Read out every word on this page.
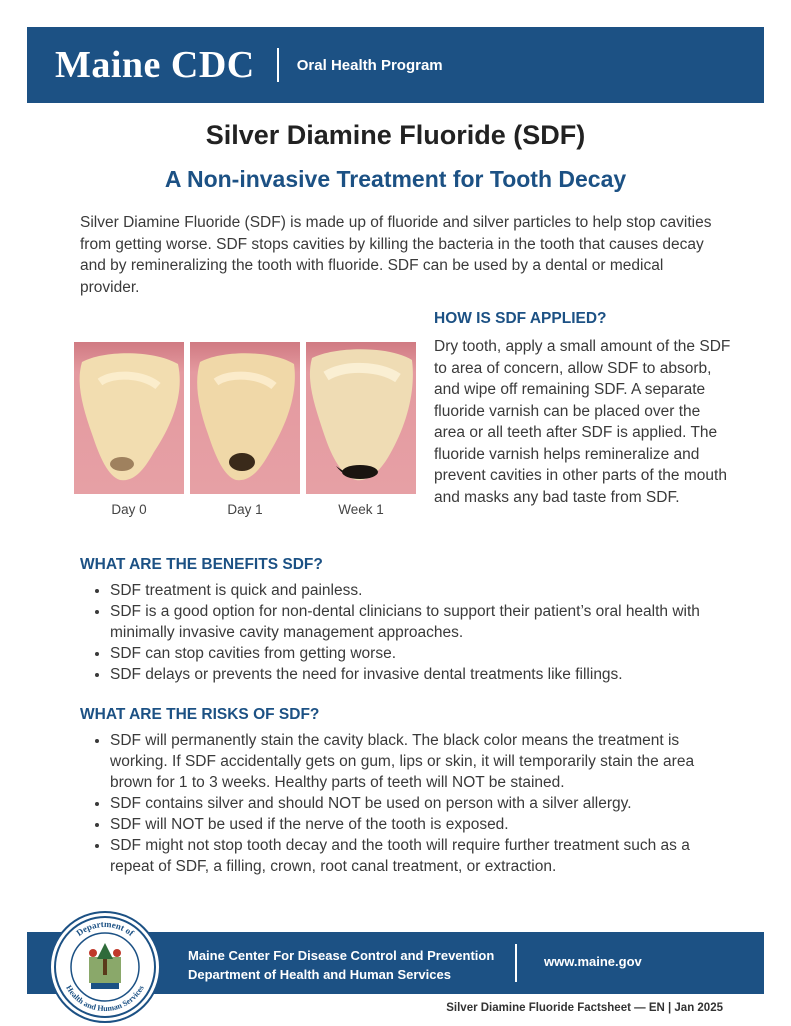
Maine CDC	Oral Health Program
Silver Diamine Fluoride (SDF)
A Non-invasive Treatment for Tooth Decay

Silver Diamine Fluoride (SDF) is made up of fluoride and silver particles to help stop cavities from getting worse. SDF stops cavities by killing the bacteria in the tooth that causes decay and by remineralizing the tooth with fluoride. SDF can be used by a dental or medical provider.

Day 0	Day 1	Week 1
HOW IS SDF APPLIED?

Dry tooth, apply a small amount of the SDF to area of concern, allow SDF to absorb, and wipe off remaining SDF. A separate fluoride varnish can be placed over the area or all teeth after SDF is applied. The fluoride varnish helps remineralize and prevent cavities in other parts of the mouth and masks any bad taste from SDF.

WHAT ARE THE BENEFITS SDF?
• SDF treatment is quick and painless.
• SDF is a good option for non-dental clinicians to support their patient’s oral health with minimally invasive cavity management approaches.
• SDF can stop cavities from getting worse.
• SDF delays or prevents the need for invasive dental treatments like fillings.
WHAT ARE THE RISKS OF SDF?
• SDF will permanently stain the cavity black. The black color means the treatment is working. If SDF accidentally gets on gum, lips or skin, it will temporarily stain the area brown for 1 to 3 weeks. Healthy parts of teeth will NOT be stained.
• SDF contains silver and should NOT be used on person with a silver allergy.
• SDF will NOT be used if the nerve of the tooth is exposed.
• SDF might not stop tooth decay and the tooth will require further treatment such as a repeat of SDF, a filling, crown, root canal treatment, or extraction.
Department of
Health and Human Services
Maine Center For Disease Control and Prevention
Department of Health and Human Services
www.maine.gov
Silver Diamine Fluoride Factsheet — EN | Jan 2025
